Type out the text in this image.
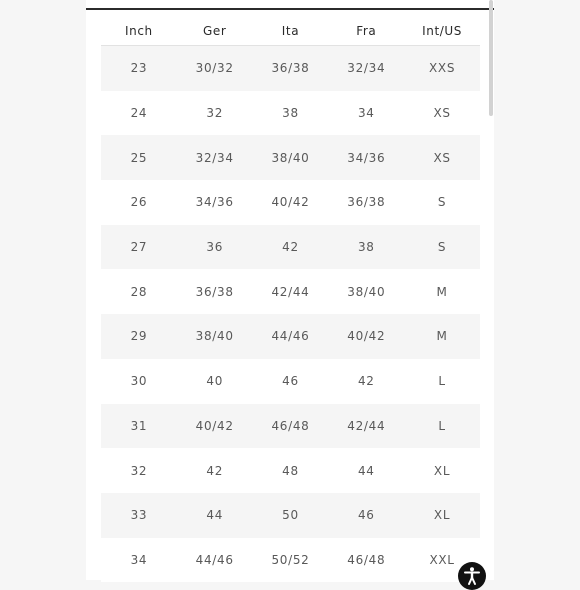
Inch	Ger	Ita	Fra	Int/US
23	30/32	36/38	32/34	XXS
24	32	38	34	XS
25	32/34	38/40	34/36	XS
26	34/36	40/42	36/38	S
27	36	42	38	S
28	36/38	42/44	38/40	M
29	38/40	44/46	40/42	M
30	40	46	42	L
31	40/42	46/48	42/44	L
32	42	48	44	XL
33	44	50	46	XL
34	44/46	50/52	46/48	XXL
